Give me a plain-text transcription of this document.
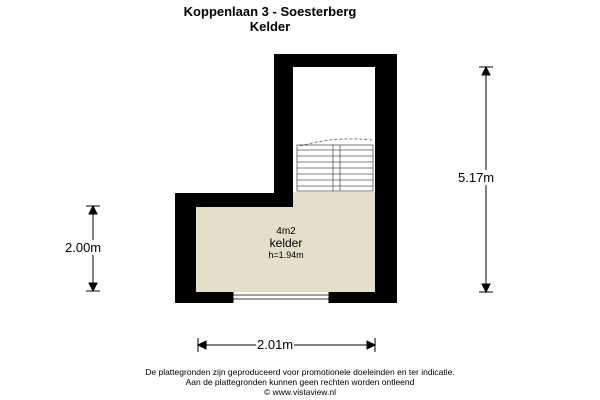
Koppenlaan 3 - Soesterberg
Kelder
4m2
kelder
h=1.94m
2.00m
5.17m
2.01m
De plattegronden zijn geproduceerd voor promotionele doeleinden en ter indicatie.
Aan de plattegronden kunnen geen rechten worden ontleend
© www.vistaview.nl
